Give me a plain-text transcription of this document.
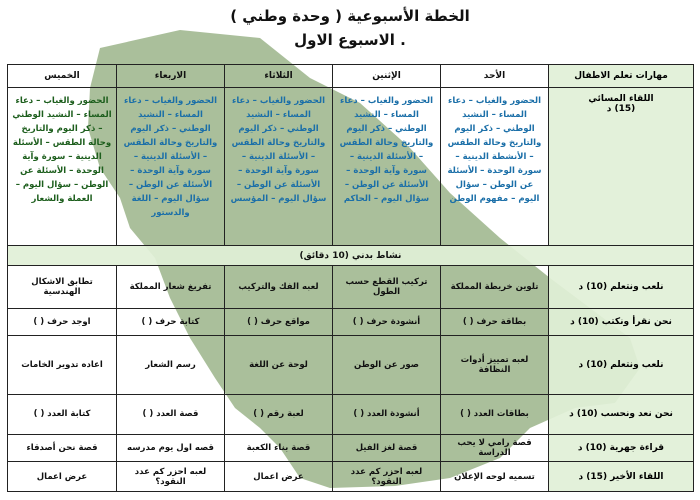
الخطة الأسبوعية ( وحدة وطني )
. الاسبوع الاول
مهارات تعلم الاطفال	الأحد	الإثنين	الثلاثاء	الاربعاء	الخميس

اللقاء المسائي
(15) د	الحضور والغياب – دعاء المساء – النشيد الوطني – ذكر اليوم والتاريخ وحالة الطقس – الأنشطة الدينية – سورة الوحدة – الأسئلة عن الوطن – سؤال اليوم – مفهوم الوطن	الحضور والغياب – دعاء المساء – النشيد الوطني – ذكر اليوم والتاريخ وحالة الطقس – الأسئلة الدينية – سورة وآية الوحدة – الأسئلة عن الوطن – سؤال اليوم – الحاكم	الحضور والغياب – دعاء المساء – النشيد الوطني – ذكر اليوم والتاريخ وحالة الطقس – الأسئلة الدينية – سورة وآية الوحدة – الأسئلة عن الوطن – سؤال اليوم – المؤسس	الحضور والغياب – دعاء المساء – النشيد الوطني – ذكر اليوم والتاريخ وحالة الطقس – الأسئلة الدينية – سورة وآية الوحدة – الأسئلة عن الوطن – سؤال اليوم – اللغة والدستور	الحضور والغياب – دعاء المساء – النشيد الوطني – ذكر اليوم والتاريخ وحالة الطقس – الأسئلة الدينية – سورة وآية الوحدة – الأسئلة عن الوطن – سؤال اليوم – العملة والشعار
نشاط بدني (10 دقائق)					
نلعب ونتعلم (10) د	تلوين خريطة المملكة	تركيب القطع حسب الطول	لعبه الفك والتركيب	تفريغ شعار المملكة	تطابق الاشكال الهندسية
نحن نقرأ ونكتب (10) د	بطاقة حرف ( )	أنشودة حرف ( )	مواقع حرف ( )	كتابة حرف ( )	اوجد حرف ( )
نلعب ونتعلم (10) د	لعبه تمييز أدوات النظافة	صور عن الوطن	لوحة عن اللغة	رسم الشعار	اعاده تدوير الخامات
نحن نعد ونحسب (10) د	بطاقات العدد ( )	أنشودة العدد ( )	لعبة رقم ( )	قصة العدد ( )	كتابة العدد ( )
قراءة جهرية (10) د	قصة رامي لا يحب الدراسة	قصة لغز الفيل	قصة بناء الكعبة	قصه اول يوم مدرسه	قصة نحن أصدقاء
اللقاء الأخير (15) د	تسميه لوحه الإعلان	لعبه احزر كم عدد النقود؟	عرض اعمال	لعبه احزر كم عدد النقود؟	عرض اعمال
